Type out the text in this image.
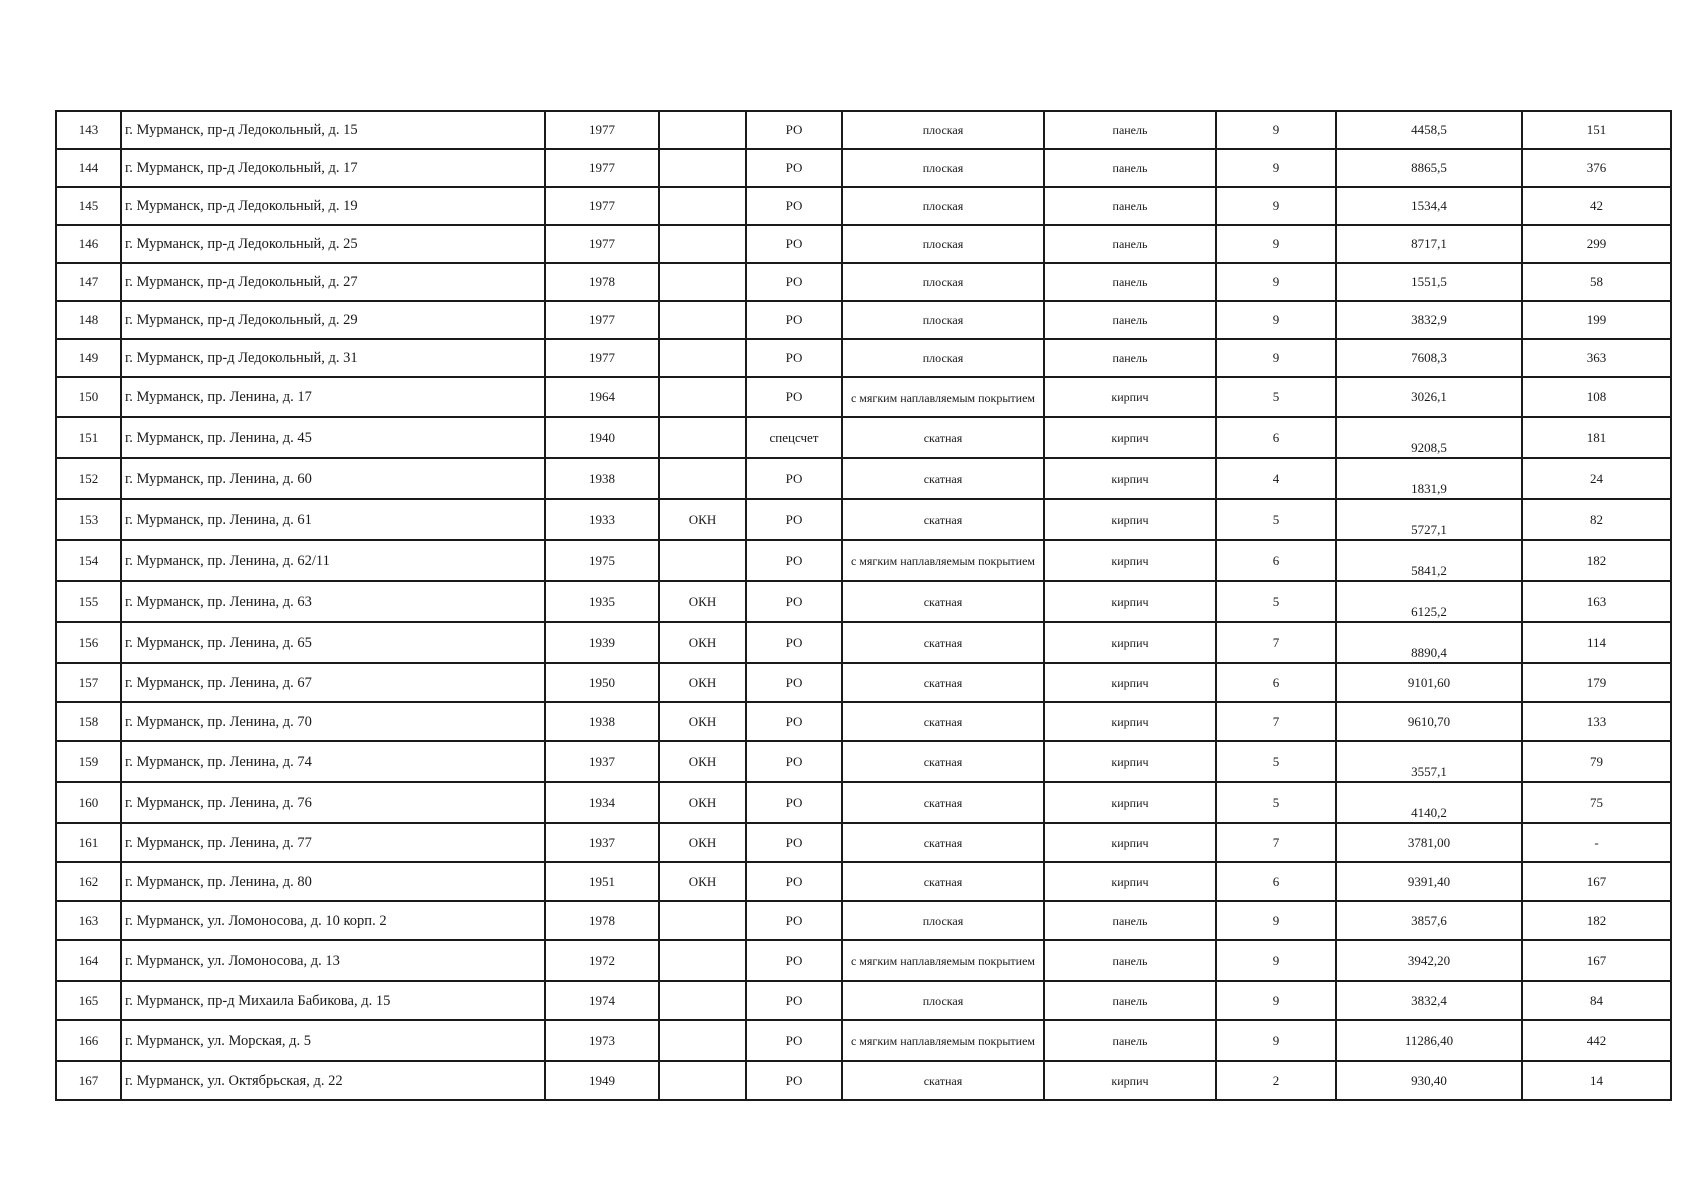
143	г. Мурманск, пр-д Ледокольный, д. 15	1977		РО	плоская	панель	9	4458,5	151
144	г. Мурманск, пр-д Ледокольный, д. 17	1977		РО	плоская	панель	9	8865,5	376
145	г. Мурманск, пр-д Ледокольный, д. 19	1977		РО	плоская	панель	9	1534,4	42
146	г. Мурманск, пр-д Ледокольный, д. 25	1977		РО	плоская	панель	9	8717,1	299
147	г. Мурманск, пр-д Ледокольный, д. 27	1978		РО	плоская	панель	9	1551,5	58
148	г. Мурманск, пр-д Ледокольный, д. 29	1977		РО	плоская	панель	9	3832,9	199
149	г. Мурманск, пр-д Ледокольный, д. 31	1977		РО	плоская	панель	9	7608,3	363
150	г. Мурманск, пр. Ленина, д. 17	1964		РО	с мягким наплавляемым покрытием	кирпич	5	3026,1	108
151	г. Мурманск, пр. Ленина, д. 45	1940		спецсчет	скатная	кирпич	6	9208,5	181
152	г. Мурманск, пр. Ленина, д. 60	1938		РО	скатная	кирпич	4	1831,9	24
153	г. Мурманск, пр. Ленина, д. 61	1933	ОКН	РО	скатная	кирпич	5	5727,1	82
154	г. Мурманск, пр. Ленина, д. 62/11	1975		РО	с мягким наплавляемым покрытием	кирпич	6	5841,2	182
155	г. Мурманск, пр. Ленина, д. 63	1935	ОКН	РО	скатная	кирпич	5	6125,2	163
156	г. Мурманск, пр. Ленина, д. 65	1939	ОКН	РО	скатная	кирпич	7	8890,4	114
157	г. Мурманск, пр. Ленина, д. 67	1950	ОКН	РО	скатная	кирпич	6	9101,60	179
158	г. Мурманск, пр. Ленина, д. 70	1938	ОКН	РО	скатная	кирпич	7	9610,70	133
159	г. Мурманск, пр. Ленина, д. 74	1937	ОКН	РО	скатная	кирпич	5	3557,1	79
160	г. Мурманск, пр. Ленина, д. 76	1934	ОКН	РО	скатная	кирпич	5	4140,2	75
161	г. Мурманск, пр. Ленина, д. 77	1937	ОКН	РО	скатная	кирпич	7	3781,00	-
162	г. Мурманск, пр. Ленина, д. 80	1951	ОКН	РО	скатная	кирпич	6	9391,40	167
163	г. Мурманск, ул. Ломоносова, д. 10 корп. 2	1978		РО	плоская	панель	9	3857,6	182
164	г. Мурманск, ул. Ломоносова, д. 13	1972		РО	с мягким наплавляемым покрытием	панель	9	3942,20	167
165	г. Мурманск, пр-д Михаила Бабикова, д. 15	1974		РО	плоская	панель	9	3832,4	84
166	г. Мурманск, ул. Морская, д. 5	1973		РО	с мягким наплавляемым покрытием	панель	9	11286,40	442
167	г. Мурманск, ул. Октябрьская, д. 22	1949		РО	скатная	кирпич	2	930,40	14
